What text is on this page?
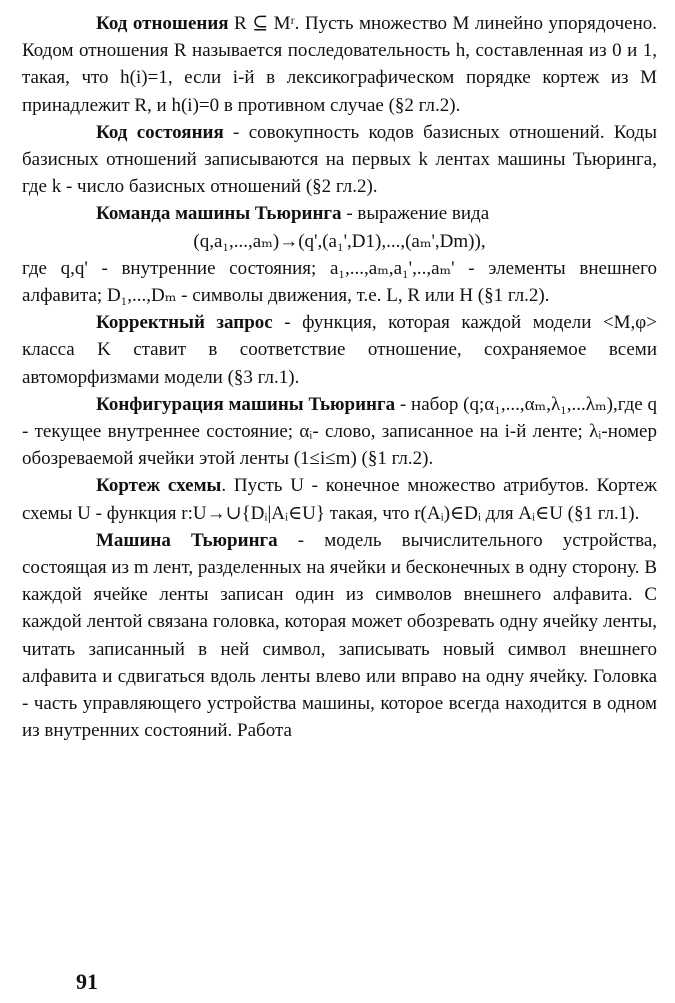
Код отношения R ⊆ Mʳ. Пусть множество M линейно упорядочено. Кодом отношения R называется последовательность h, составленная из 0 и 1, такая, что h(i)=1, если i-й в лексикографическом порядке кортеж из M принадлежит R, и h(i)=0 в противном случае (§2 гл.2).

Код состояния - совокупность кодов базисных отношений. Коды базисных отношений записываются на первых k лентах машины Тьюринга, где k - число базисных отношений (§2 гл.2).

Команда машины Тьюринга - выражение вида

(q,a₁,...,aₘ)→(q',(a₁',D1),...,(aₘ',Dm)),

где q,q' - внутренние состояния; a₁,...,aₘ,a₁',..,aₘ' - элементы внешнего алфавита; D₁,...,Dₘ - символы движения, т.е. L, R или H (§1 гл.2).

Корректный запрос - функция, которая каждой модели <M,φ> класса K ставит в соответствие отношение, сохраняемое всеми автоморфизмами модели (§3 гл.1).

Конфигурация машины Тьюринга - набор (q;α₁,...,αₘ,λ₁,...λₘ),где q - текущее внутреннее состояние; αᵢ- слово, записанное на i-й ленте; λᵢ-номер обозреваемой ячейки этой ленты (1≤i≤m) (§1 гл.2).

Кортеж схемы. Пусть U - конечное множество атрибутов. Кортеж схемы U - функция r:U→∪{Dᵢ|Aᵢ∈U} такая, что r(Aᵢ)∈Dᵢ для Aᵢ∈U (§1 гл.1).

Машина Тьюринга - модель вычислительного устройства, состоящая из m лент, разделенных на ячейки и бесконечных в одну сторону. В каждой ячейке ленты записан один из символов внешнего алфавита. С каждой лентой связана головка, которая может обозревать одну ячейку ленты, читать записанный в ней символ, записывать новый символ внешнего алфавита и сдвигаться вдоль ленты влево или вправо на одну ячейку. Головка - часть управляющего устройства машины, которое всегда находится в одном из внутренних состояний. Работа

91
